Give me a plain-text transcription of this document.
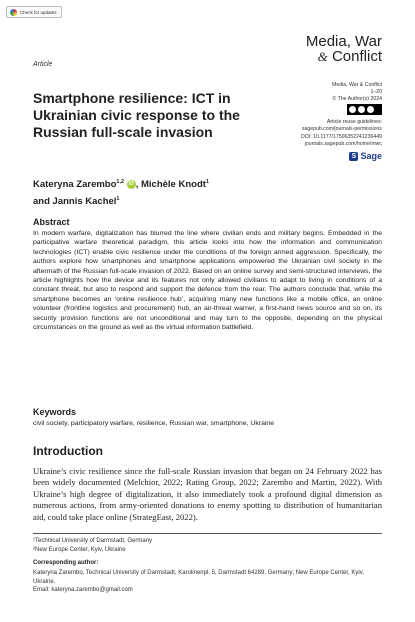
Check for updates
Media, War
& Conflict
Article
Smartphone resilience: ICT in Ukrainian civic response to the Russian full-scale invasion
Media, War & Conflict
1–20
© The Author(s) 2024
Article reuse guidelines:
sagepub.com/journals-permissions
DOI: 10.1177/17506352241236449
journals.sagepub.com/home/mwc
S Sage
Kateryna Zarembo$^{1,2}$ iD , Michèle Knodt$^1$
and Jannis Kachel$^1$
Abstract
In modern warfare, digitalization has blurred the line where civilian ends and military begins. Embedded in the participative warfare theoretical paradigm, this article looks into how the information and communication technologies (ICT) enable civic resilience under the conditions of the foreign armed aggression. Specifically, the authors explore how smartphones and smartphone applications empowered the Ukrainian civil society in the aftermath of the Russian full-scale invasion of 2022. Based on an online survey and semi-structured interviews, the article highlights how the device and its features not only allowed civilians to adapt to living in conditions of a constant threat, but also to respond and support the defence from the rear. The authors conclude that, while the smartphone becomes an ‘online resilience hub’, acquiring many new functions like a mobile office, an online volunteer (frontline logistics and procurement) hub, an air-threat warner, a first-hand news source and so on, its security provision functions are not unconditional and may turn to the opposite, depending on the physical circumstances on the ground as well as the virtual information battlefield.
Keywords
civil society, participatory warfare, resilience, Russian war, smartphone, Ukraine
Introduction
Ukraine’s civic resilience since the full-scale Russian invasion that began on 24 February 2022 has been widely documented (Melchior, 2022; Rating Group, 2022; Zarembo and Martin, 2022). With Ukraine’s high degree of digitalization, it also immediately took a profound digital dimension as numerous actions, from army-oriented donations to enemy spotting to distribution of humanitarian aid, could take place online (StrategEast, 2022).
¹Technical University of Darmstadt, Germany
²New Europe Center, Kyiv, Ukraine
Corresponding author:
Kateryna Zarembo, Technical University of Darmstadt, Karolinenpl. 5, Darmstadt 64289, Germany; New Europe Center, Kyiv, Ukraine.
Email: kateryna.zarembo@gmail.com
